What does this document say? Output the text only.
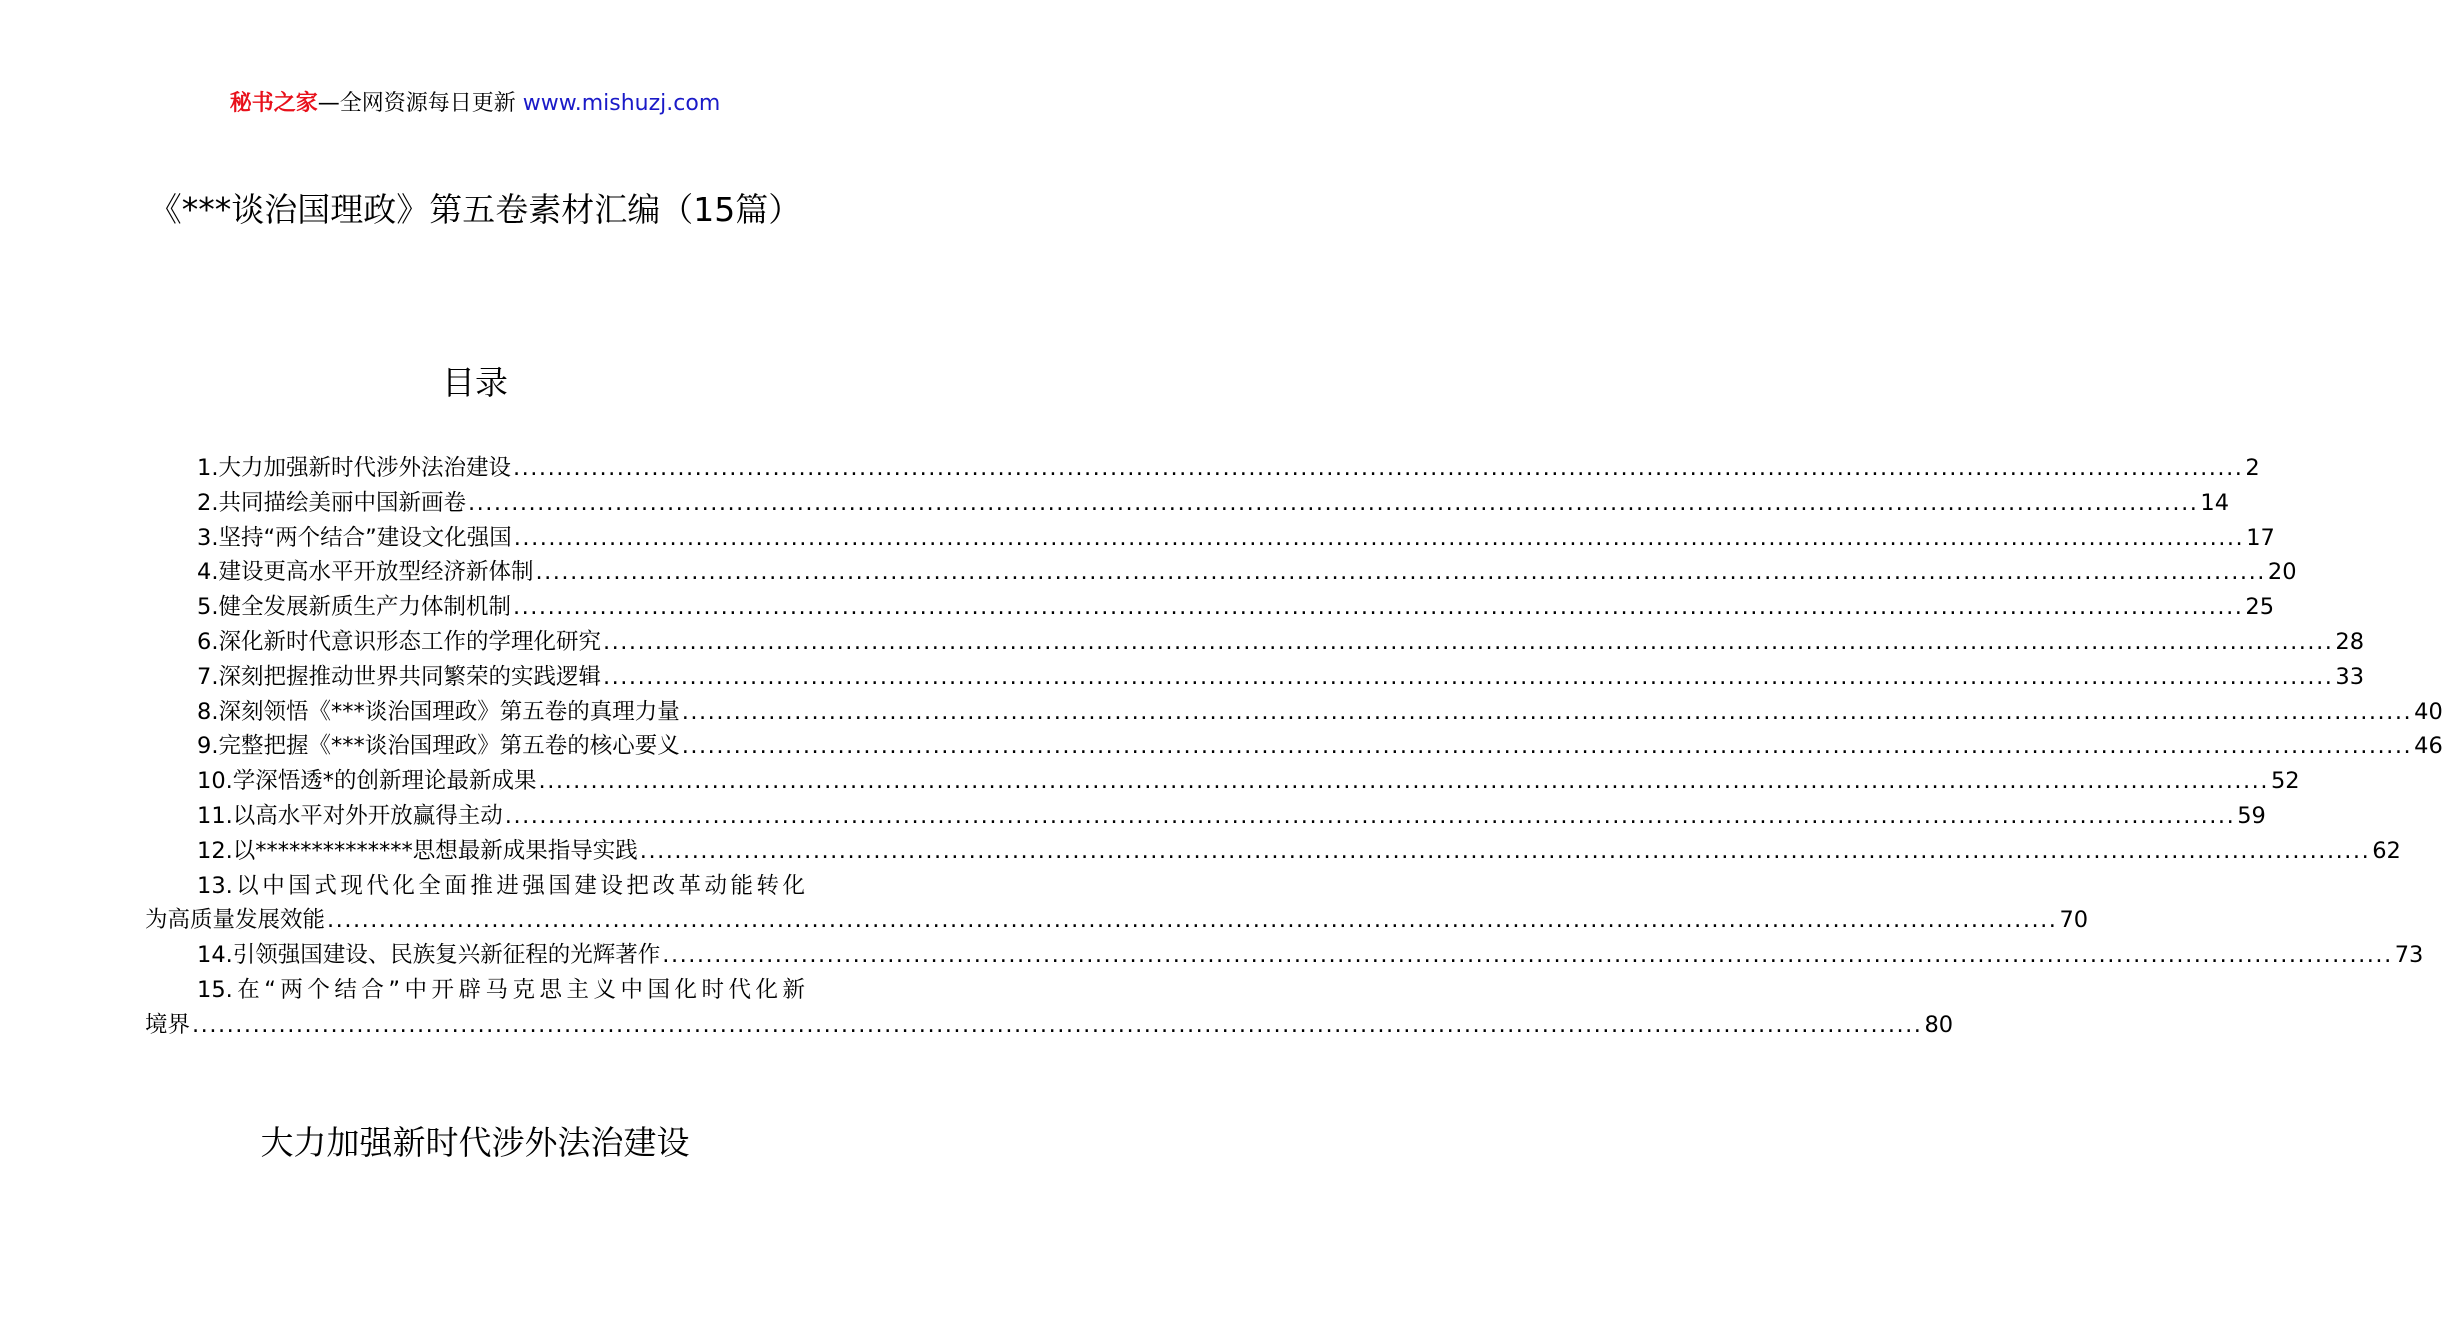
秘书之家—全网资源每日更新 www.mishuzj.com
《***谈治国理政》第五卷素材汇编（15篇）
目录
1.大力加强新时代涉外法治建设 ........................................................................................................................................................................................................ 2
2.共同描绘美丽中国新画卷 ........................................................................................................................................................................................................ 14
3.坚持“两个结合”建设文化强国 ........................................................................................................................................................................................................ 17
4.建设更高水平开放型经济新体制 ........................................................................................................................................................................................................ 20
5.健全发展新质生产力体制机制 ........................................................................................................................................................................................................ 25
6.深化新时代意识形态工作的学理化研究 ........................................................................................................................................................................................................ 28
7.深刻把握推动世界共同繁荣的实践逻辑 ........................................................................................................................................................................................................ 33
8.深刻领悟《***谈治国理政》第五卷的真理力量 ........................................................................................................................................................................................................ 40
9.完整把握《***谈治国理政》第五卷的核心要义 ........................................................................................................................................................................................................ 46
10.学深悟透*的创新理论最新成果 ........................................................................................................................................................................................................ 52
11.以高水平对外开放赢得主动 ........................................................................................................................................................................................................ 59
12.以**************思想最新成果指导实践 ........................................................................................................................................................................................................ 62
13.以中国式现代化全面推进强国建设把改革动能转化
为高质量发展效能 ........................................................................................................................................................................................................ 70
14.引领强国建设、民族复兴新征程的光辉著作 ........................................................................................................................................................................................................ 73
15.在“两个结合”中开辟马克思主义中国化时代化新
境界 ........................................................................................................................................................................................................ 80
大力加强新时代涉外法治建设
